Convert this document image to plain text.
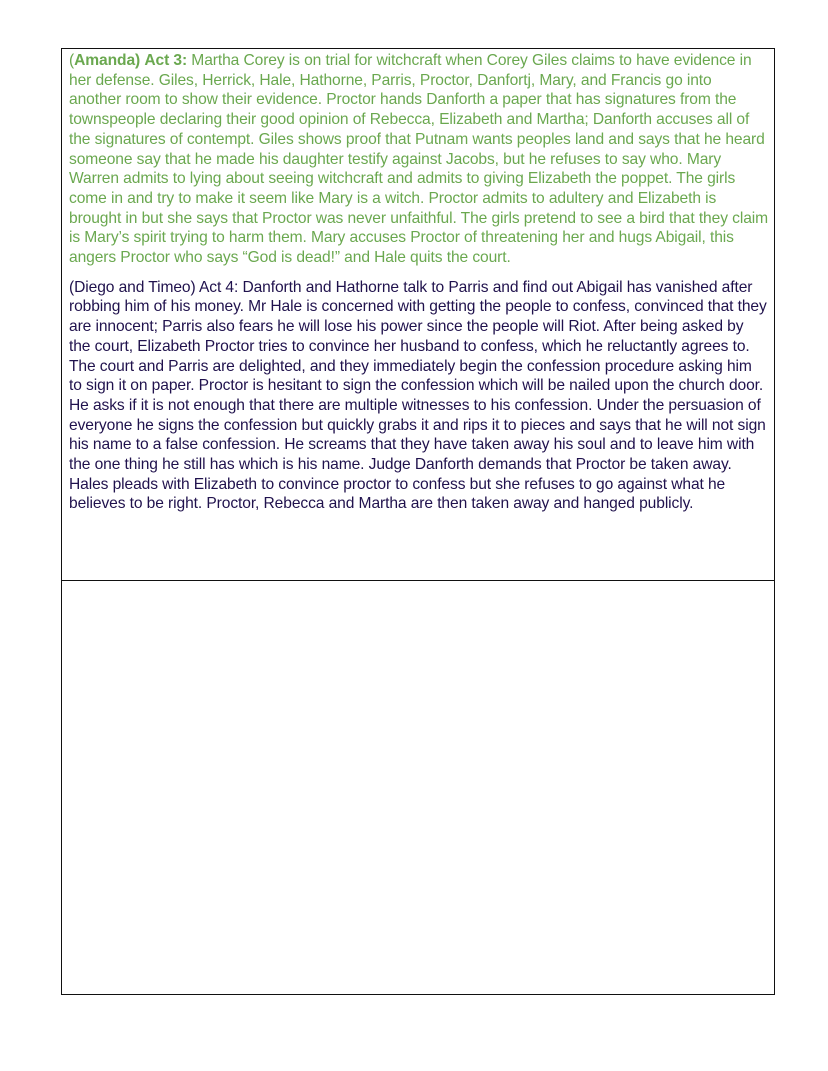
(Amanda) Act 3: Martha Corey is on trial for witchcraft when Corey Giles claims to have evidence in her defense. Giles, Herrick, Hale, Hathorne, Parris, Proctor, Danfortj, Mary, and Francis go into another room to show their evidence. Proctor hands Danforth a paper that has signatures from the townspeople declaring their good opinion of Rebecca, Elizabeth and Martha; Danforth accuses all of the signatures of contempt. Giles shows proof that Putnam wants peoples land and says that he heard someone say that he made his daughter testify against Jacobs, but he refuses to say who. Mary Warren admits to lying about seeing witchcraft and admits to giving Elizabeth the poppet. The girls come in and try to make it seem like Mary is a witch. Proctor admits to adultery and Elizabeth is brought in but she says that Proctor was never unfaithful. The girls pretend to see a bird that they claim is Mary’s spirit trying to harm them. Mary accuses Proctor of threatening her and hugs Abigail, this angers Proctor who says “God is dead!” and Hale quits the court.

(Diego and Timeo) Act 4: Danforth and Hathorne talk to Parris and find out Abigail has vanished after robbing him of his money. Mr Hale is concerned with getting the people to confess, convinced that they are innocent; Parris also fears he will lose his power since the people will Riot. After being asked by the court, Elizabeth Proctor tries to convince her husband to confess, which he reluctantly agrees to. The court and Parris are delighted, and they immediately begin the confession procedure asking him to sign it on paper. Proctor is hesitant to sign the confession which will be nailed upon the church door. He asks if it is not enough that there are multiple witnesses to his confession. Under the persuasion of everyone he signs the confession but quickly grabs it and rips it to pieces and says that he will not sign his name to a false confession. He screams that they have taken away his soul and to leave him with the one thing he still has which is his name. Judge Danforth demands that Proctor be taken away. Hales pleads with Elizabeth to convince proctor to confess but she refuses to go against what he believes to be right. Proctor, Rebecca and Martha are then taken away and hanged publicly.
